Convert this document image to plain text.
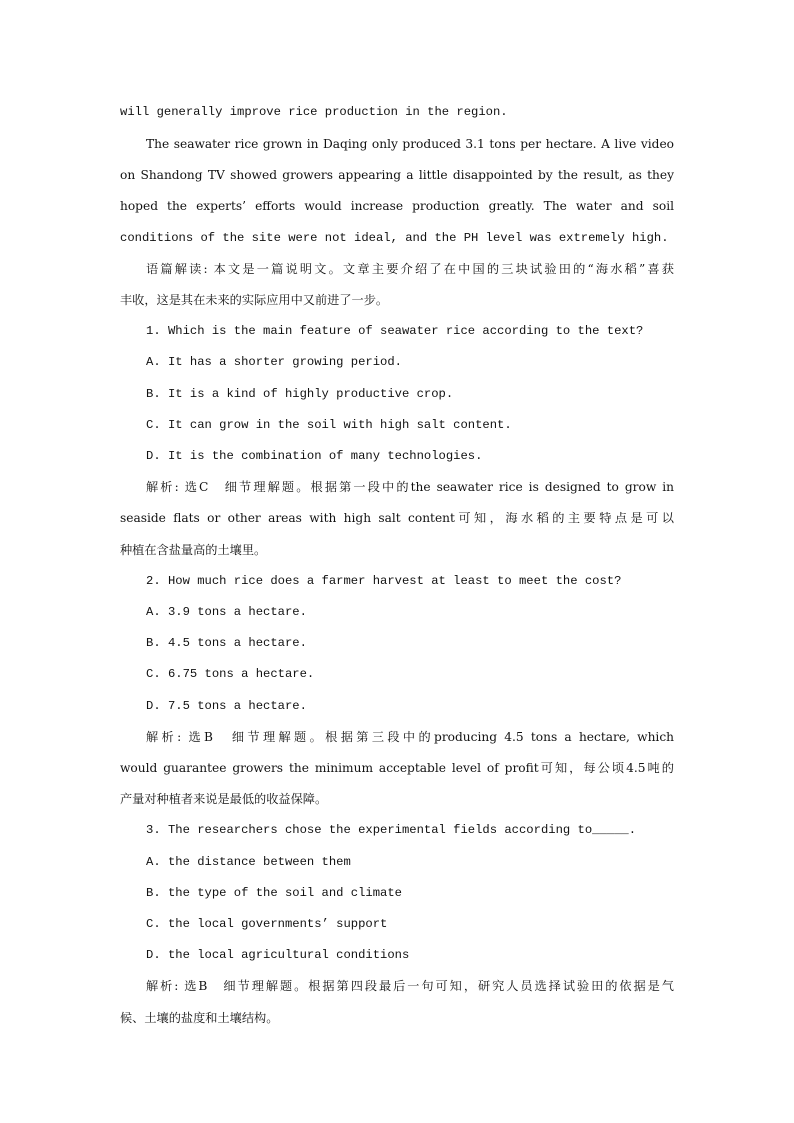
will generally improve rice production in the region.
The seawater rice grown in Daqing only produced 3.1 tons per hectare. A live video
on Shandong TV showed growers appearing a little disappointed by the result, as they
hoped the experts’ efforts would increase production greatly. The water and soil
conditions of the site were not ideal, and the PH level was extremely high.
语篇解读: 本文是一篇说明文。文章主要介绍了在中国的三块试验田的“海水稻”喜获
丰收，这是其在未来的实际应用中又前进了一步。
1. Which is the main feature of seawater rice according to the text?
A. It has a shorter growing period.
B. It is a kind of highly productive crop.
C. It can grow in the soil with high salt content.
D. It is the combination of many technologies.
解析: 选C　细节理解题。根据第一段中的the seawater rice is designed to grow in
seaside flats or other areas with high salt content可知，海水稻的主要特点是可以
种植在含盐量高的土壤里。
2. How much rice does a farmer harvest at least to meet the cost?
A. 3.9 tons a hectare.
B. 4.5 tons a hectare.
C. 6.75 tons a hectare.
D. 7.5 tons a hectare.
解析: 选B　细节理解题。根据第三段中的producing 4.5 tons a hectare, which
would guarantee growers the minimum acceptable level of profit可知，每公顷4.5吨的
产量对种植者来说是最低的收益保障。
3. The researchers chose the experimental fields according to_____.
A. the distance between them
B. the type of the soil and climate
C. the local governments’ support
D. the local agricultural conditions
解析: 选B　细节理解题。根据第四段最后一句可知，研究人员选择试验田的依据是气
候、土壤的盐度和土壤结构。
